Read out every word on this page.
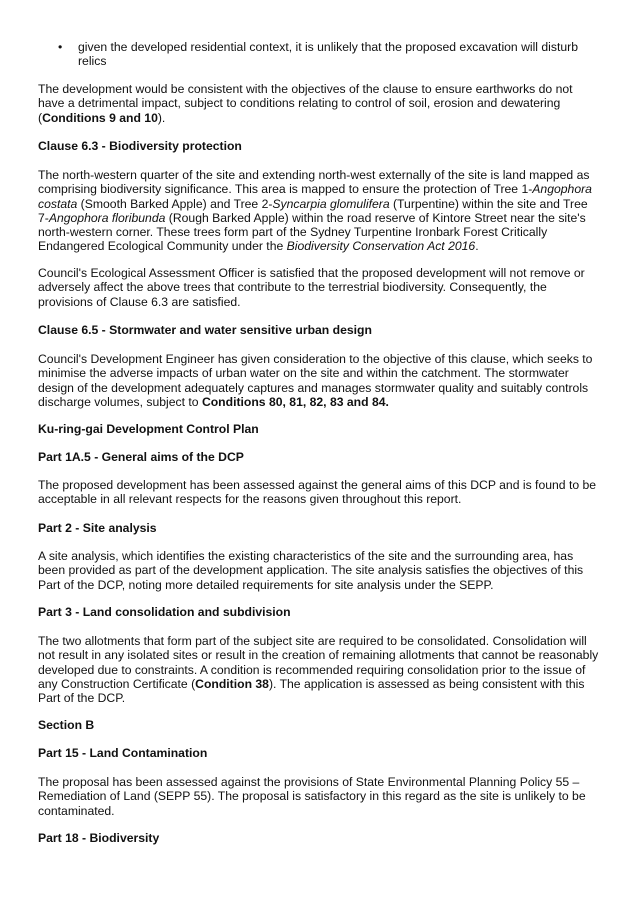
• given the developed residential context, it is unlikely that the proposed excavation will disturb relics

The development would be consistent with the objectives of the clause to ensure earthworks do not have a detrimental impact, subject to conditions relating to control of soil, erosion and dewatering (Conditions 9 and 10).

Clause 6.3 - Biodiversity protection

The north-western quarter of the site and extending north-west externally of the site is land mapped as comprising biodiversity significance. This area is mapped to ensure the protection of Tree 1-Angophora costata (Smooth Barked Apple) and Tree 2-Syncarpia glomulifera (Turpentine) within the site and Tree 7-Angophora floribunda (Rough Barked Apple) within the road reserve of Kintore Street near the site's north-western corner. These trees form part of the Sydney Turpentine Ironbark Forest Critically Endangered Ecological Community under the Biodiversity Conservation Act 2016.

Council's Ecological Assessment Officer is satisfied that the proposed development will not remove or adversely affect the above trees that contribute to the terrestrial biodiversity. Consequently, the provisions of Clause 6.3 are satisfied.

Clause 6.5 - Stormwater and water sensitive urban design

Council's Development Engineer has given consideration to the objective of this clause, which seeks to minimise the adverse impacts of urban water on the site and within the catchment. The stormwater design of the development adequately captures and manages stormwater quality and suitably controls discharge volumes, subject to Conditions 80, 81, 82, 83 and 84.

Ku-ring-gai Development Control Plan

Part 1A.5 - General aims of the DCP

The proposed development has been assessed against the general aims of this DCP and is found to be acceptable in all relevant respects for the reasons given throughout this report.

Part 2 - Site analysis

A site analysis, which identifies the existing characteristics of the site and the surrounding area, has been provided as part of the development application. The site analysis satisfies the objectives of this Part of the DCP, noting more detailed requirements for site analysis under the SEPP.

Part 3 - Land consolidation and subdivision

The two allotments that form part of the subject site are required to be consolidated. Consolidation will not result in any isolated sites or result in the creation of remaining allotments that cannot be reasonably developed due to constraints. A condition is recommended requiring consolidation prior to the issue of any Construction Certificate (Condition 38). The application is assessed as being consistent with this Part of the DCP.

Section B

Part 15 - Land Contamination

The proposal has been assessed against the provisions of State Environmental Planning Policy 55 – Remediation of Land (SEPP 55). The proposal is satisfactory in this regard as the site is unlikely to be contaminated.

Part 18 - Biodiversity
